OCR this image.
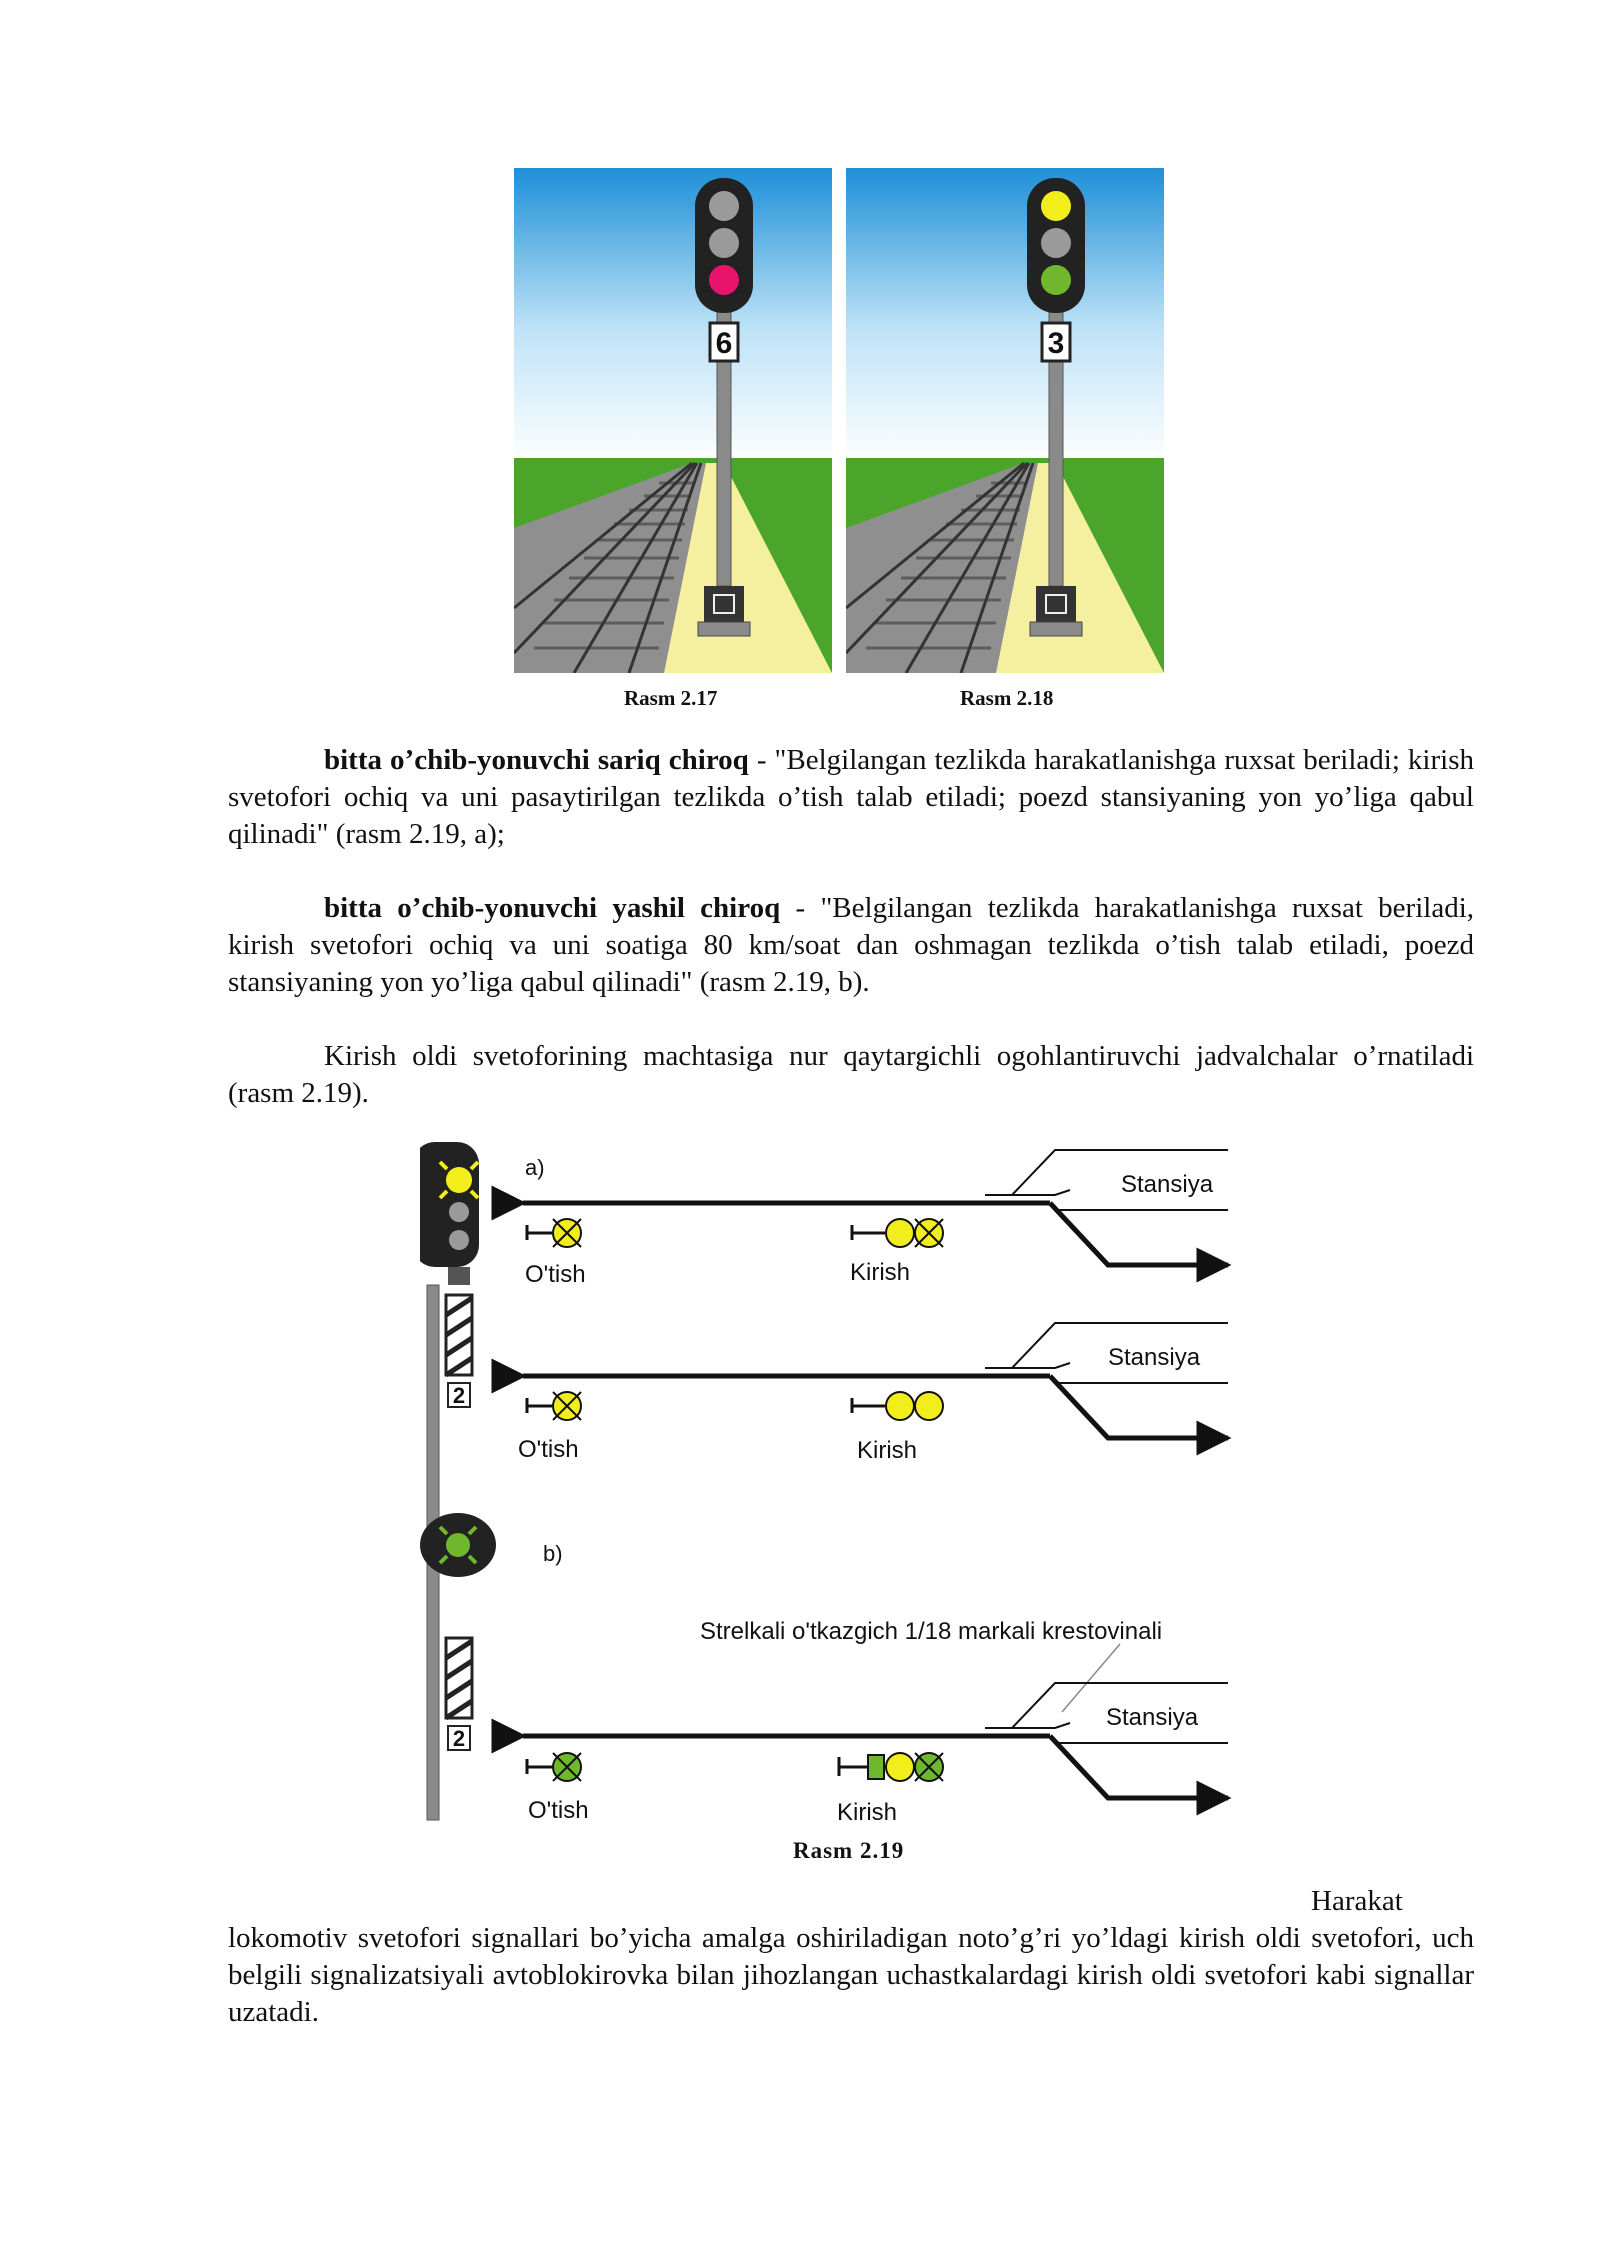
6
Rasm 2.17
3
Rasm 2.18
bitta o’chib-yonuvchi sariq chiroq - "Belgilangan tezlikda harakatlanishga ruxsat beriladi; kirish svetofori ochiq va uni pasaytirilgan tezlikda o’tish talab etiladi; poezd stansiyaning yon yo’liga qabul qilinadi" (rasm 2.19, a);
bitta o’chib-yonuvchi yashil chiroq - "Belgilangan tezlikda harakatlanishga ruxsat beriladi, kirish svetofori ochiq va uni soatiga 80 km/soat dan oshmagan tezlikda o’tish talab etiladi, poezd stansiyaning yon yo’liga qabul qilinadi" (rasm 2.19, b).
Kirish oldi svetoforining machtasiga nur qaytargichli ogohlantiruvchi jadvalchalar o’rnatiladi (rasm 2.19).
2
a)
Stansiya
O'tish	Kirish
Stansiya
O'tish	Kirish
2
b)
Strelkali o'tkazgich 1/18 markali krestovinali
Stansiya
O'tish	Kirish
Rasm 2.19
Harakat
lokomotiv svetofori signallari bo’yicha amalga oshiriladigan noto’g’ri yo’ldagi kirish oldi svetofori, uch belgili signalizatsiyali avtoblokirovka bilan jihozlangan uchastkalardagi kirish oldi svetofori kabi signallar uzatadi.
